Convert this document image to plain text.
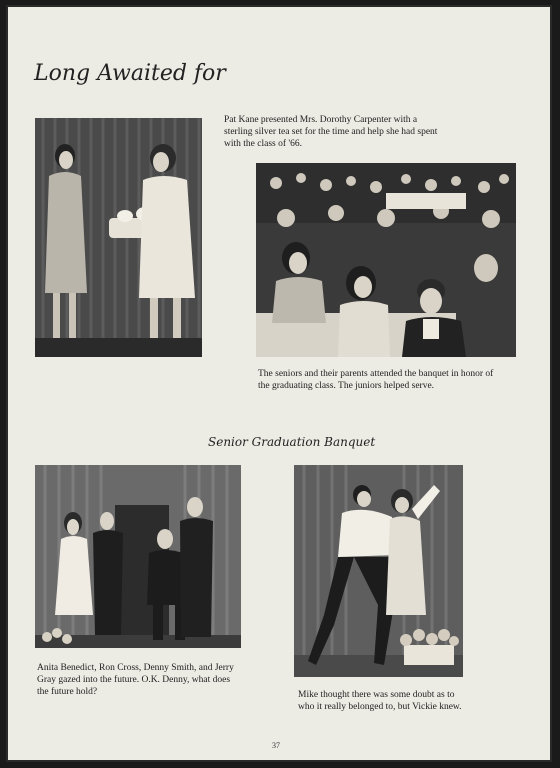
Long Awaited for
Pat Kane presented Mrs. Dorothy Carpenter with a sterling silver tea set for the time and help she had spent with the class of '66.
The seniors and their parents attended the banquet in honor of the graduating class. The juniors helped serve.
Senior Graduation Banquet
Anita Benedict, Ron Cross, Denny Smith, and Jerry Gray gazed into the future. O.K. Denny, what does the future hold?	Mike thought there was some doubt as to who it really belonged to, but Vickie knew.
37
